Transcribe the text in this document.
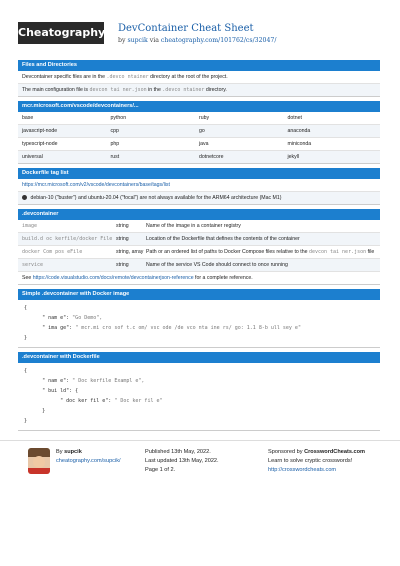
Cheatography DevContainer Cheat Sheet
by supcik via cheatography.com/101762/cs/32047/
Files and Directories
Devcontainer specific files are in the .devco ntainer directory at the root of the project.
The main configuration file is devcon tai ner.json in the .devco ntainer directory.
mcr.microsoft.com/vscode/devcontainers/...
base	python	ruby	dotnet
javascript-node	cpp	go	anaconda
typescript-node	php	java	miniconda
universal	rust	dotnetcore	jekyll
Dockerfile tag list
https://mcr.microsoft.com/v2/vscode/devcontainers/base/tags/list
debian-10 ("buster") and ubuntu-20.04 ("focal") are not always available for the ARM64 architecture (Mac M1)
.devcontainer
image	string	Name of the image in a container registry
build.d oc kerfile/docker File string	Location of the Dockerfile that defines the contents of the container
docker Com pos eFile	string, array Path or an ordered list of paths to Docker Compose files relative to the devcon tai ner.json file
service	string	Name of the service VS Code should connect to once running
See https://code.visualstudio.com/docs/remote/devcontainerjson-reference for a complete reference.
Simple .devcontainer with Docker image
{
" nam e": "Go Demo",
" ima ge": " mcr.mi cro sof t.c om/ vsc ode /de vco nta ine rs/ go: 1.1 8-b ull sey e"
}
.devcontainer with Dockerfile
{
" nam e": " Doc kerfile Exampl e",
" bui ld": {
" doc ker fil e": " Doc ker fil e"
}
}
By supcik
cheatography.com/supcik/
Published 13th May, 2022.
Last updated 13th May, 2022.
Page 1 of 2.
Sponsored by CrosswordCheats.com
Learn to solve cryptic crosswords!
http://crosswordcheats.com
